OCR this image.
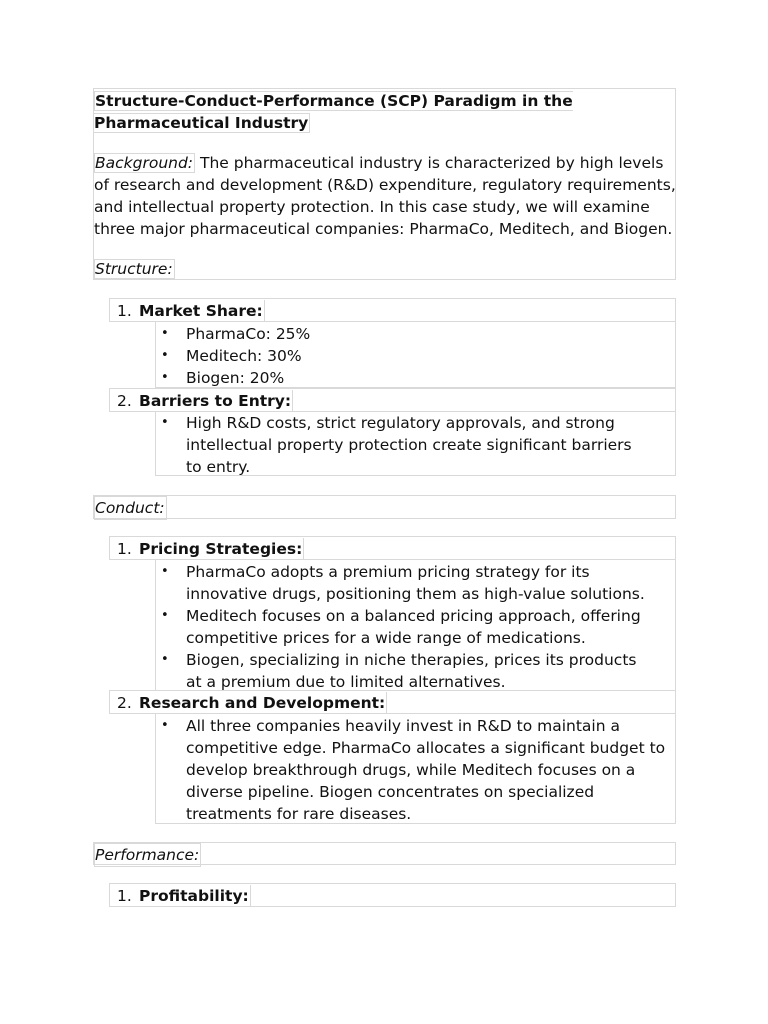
Structure-Conduct-Performance (SCP) Paradigm in the Pharmaceutical Industry

Background: The pharmaceutical industry is characterized by high levels of research and development (R&D) expenditure, regulatory requirements, and intellectual property protection. In this case study, we will examine three major pharmaceutical companies: PharmaCo, Meditech, and Biogen.

Structure:
1. Market Share:
• PharmaCo: 25%
• Meditech: 30%
• Biogen: 20%
2. Barriers to Entry:
• High R&D costs, strict regulatory approvals, and strong intellectual property protection create significant barriers to entry.
Conduct:
1. Pricing Strategies:
• PharmaCo adopts a premium pricing strategy for its innovative drugs, positioning them as high-value solutions.
• Meditech focuses on a balanced pricing approach, offering competitive prices for a wide range of medications.
• Biogen, specializing in niche therapies, prices its products at a premium due to limited alternatives.
2. Research and Development:
• All three companies heavily invest in R&D to maintain a competitive edge. PharmaCo allocates a significant budget to develop breakthrough drugs, while Meditech focuses on a diverse pipeline. Biogen concentrates on specialized treatments for rare diseases.
Performance:
1. Profitability:
